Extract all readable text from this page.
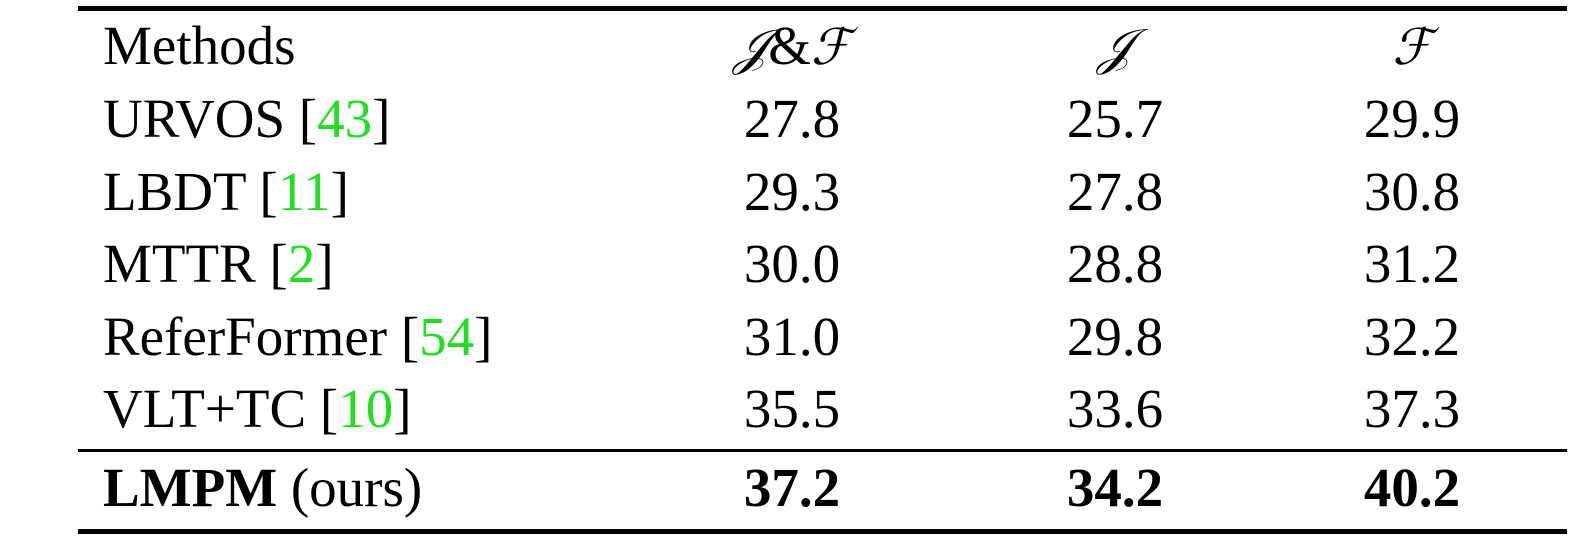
Methods	𝒥&ℱ	𝒥	ℱ
URVOS [43]	27.8	25.7	29.9
LBDT [11]	29.3	27.8	30.8
MTTR [2]	30.0	28.8	31.2
ReferFormer [54]	31.0	29.8	32.2
VLT+TC [10]	35.5	33.6	37.3
LMPM (ours)	37.2	34.2	40.2
